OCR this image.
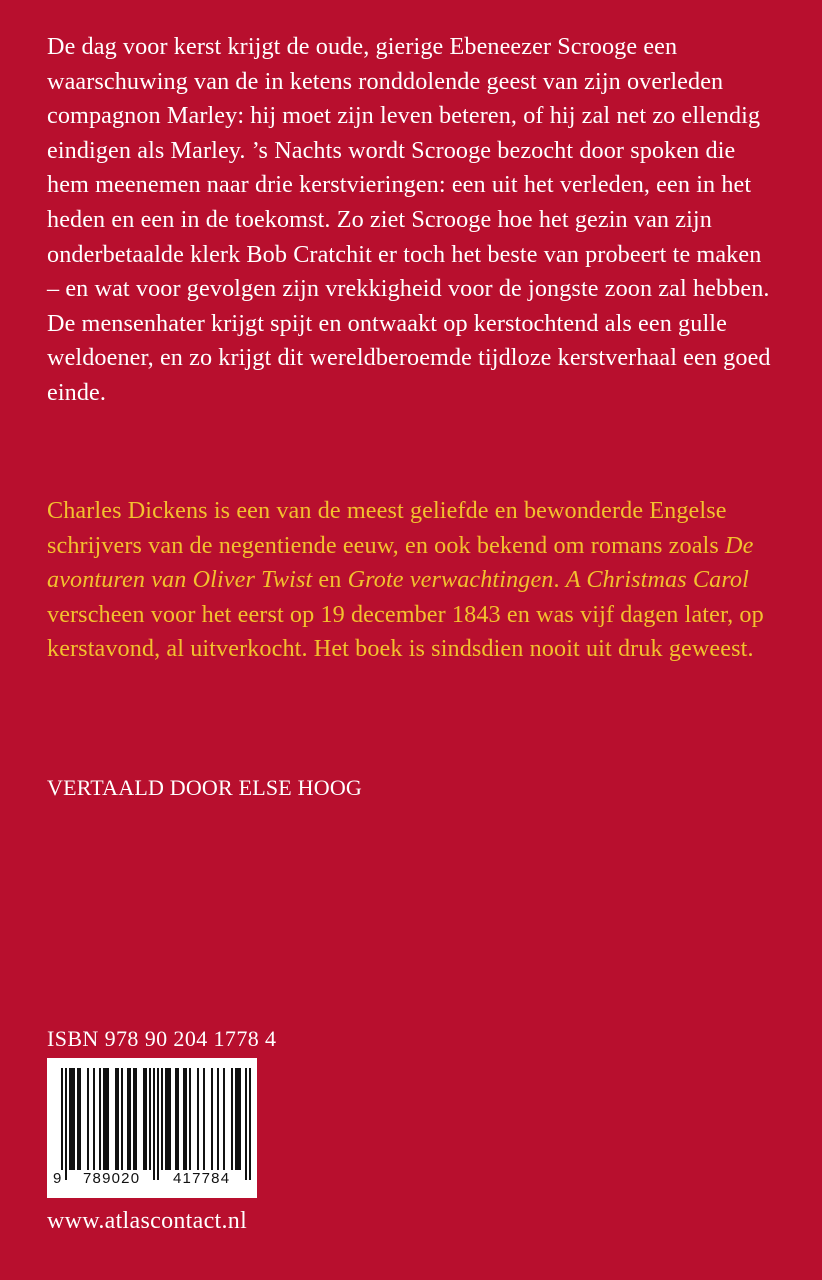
De dag voor kerst krijgt de oude, gierige Ebeneezer Scrooge een waarschuwing van de in ketens ronddolende geest van zijn overleden compagnon Marley: hij moet zijn leven beteren, of hij zal net zo ellendig eindigen als Marley. ’s Nachts wordt Scrooge bezocht door spoken die hem meenemen naar drie kerstvieringen: een uit het verleden, een in het heden en een in de toekomst. Zo ziet Scrooge hoe het gezin van zijn onderbetaalde klerk Bob Cratchit er toch het beste van probeert te maken – en wat voor gevolgen zijn vrekkigheid voor de jongste zoon zal hebben. De mensenhater krijgt spijt en ontwaakt op kerstochtend als een gulle weldoener, en zo krijgt dit wereldberoemde tijdloze kerstverhaal een goed einde.

Charles Dickens is een van de meest geliefde en bewonderde Engelse schrijvers van de negentiende eeuw, en ook bekend om romans zoals De avonturen van Oliver Twist en Grote verwachtingen. A Christmas Carol verscheen voor het eerst op 19 december 1843 en was vijf dagen later, op kerstavond, al uitverkocht. Het boek is sindsdien nooit uit druk geweest.

VERTAALD DOOR ELSE HOOG
ISBN 978 90 204 1778 4
9 789020 417784
www.atlascontact.nl
